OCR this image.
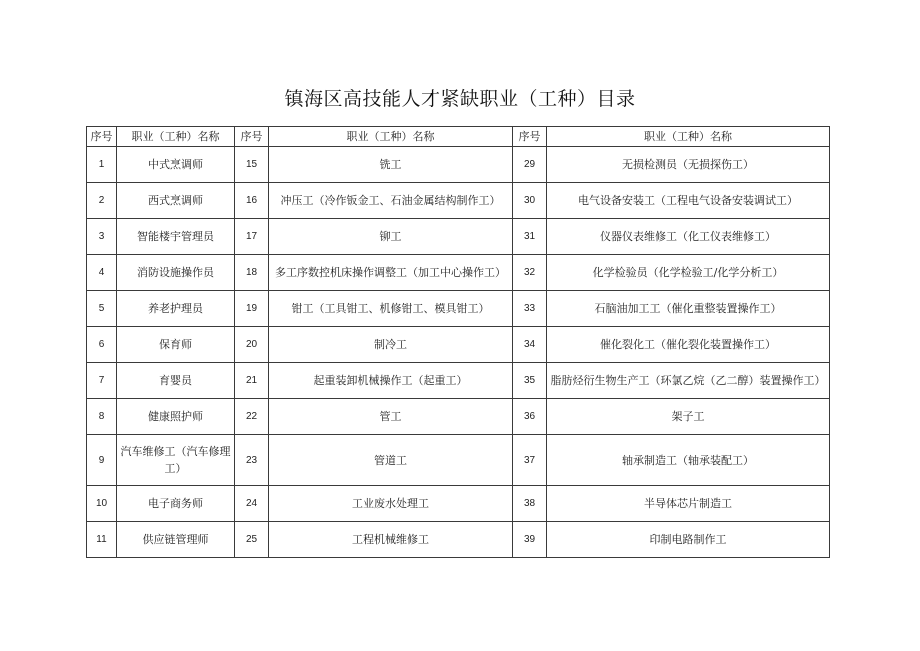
镇海区高技能人才紧缺职业（工种）目录
序号	职业（工种）名称	序号	职业（工种）名称	序号	职业（工种）名称
1	中式烹调师	15	铣工	29	无损检测员（无损探伤工）
2	西式烹调师	16	冲压工（冷作钣金工、石油金属结构制作工）	30	电气设备安装工（工程电气设备安装调试工）
3	智能楼宇管理员	17	铆工	31	仪器仪表维修工（化工仪表维修工）
4	消防设施操作员	18	多工序数控机床操作调整工（加工中心操作工）	32	化学检验员（化学检验工/化学分析工）
5	养老护理员	19	钳工（工具钳工、机修钳工、模具钳工）	33	石脑油加工工（催化重整装置操作工）
6	保育师	20	制冷工	34	催化裂化工（催化裂化装置操作工）
7	育婴员	21	起重装卸机械操作工（起重工）	35	脂肪烃衍生物生产工（环氯乙烷（乙二醇）装置操作工）
8	健康照护师	22	管工	36	架子工
9	汽车维修工（汽车修理工）	23	管道工	37	轴承制造工（轴承装配工）
10	电子商务师	24	工业废水处理工	38	半导体芯片制造工
11	供应链管理师	25	工程机械维修工	39	印制电路制作工
